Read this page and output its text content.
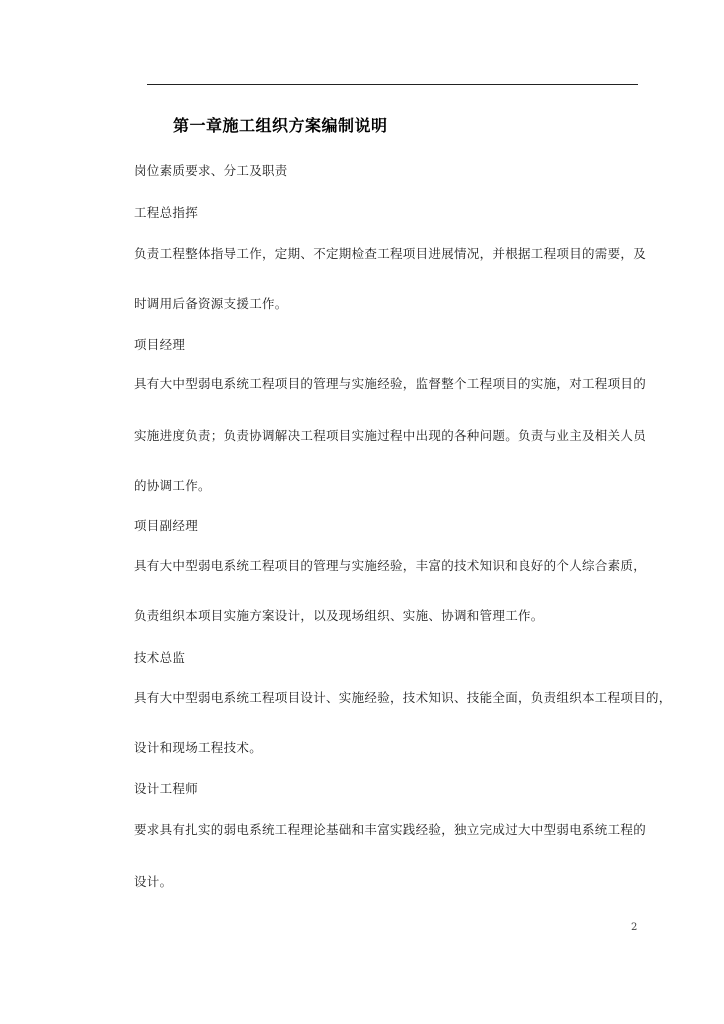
第一章施工组织方案编制说明
岗位素质要求、分工及职责
工程总指挥
负责工程整体指导工作，定期、不定期检查工程项目进展情况，并根据工程项目的需要，及
时调用后备资源支援工作。
项目经理
具有大中型弱电系统工程项目的管理与实施经验，监督整个工程项目的实施，对工程项目的
实施进度负责；负责协调解决工程项目实施过程中出现的各种问题。负责与业主及相关人员
的协调工作。
项目副经理
具有大中型弱电系统工程项目的管理与实施经验，丰富的技术知识和良好的个人综合素质，
负责组织本项目实施方案设计，以及现场组织、实施、协调和管理工作。
技术总监
具有大中型弱电系统工程项目设计、实施经验，技术知识、技能全面，负责组织本工程项目的，
设计和现场工程技术。
设计工程师
要求具有扎实的弱电系统工程理论基础和丰富实践经验，独立完成过大中型弱电系统工程的
设计。
2
